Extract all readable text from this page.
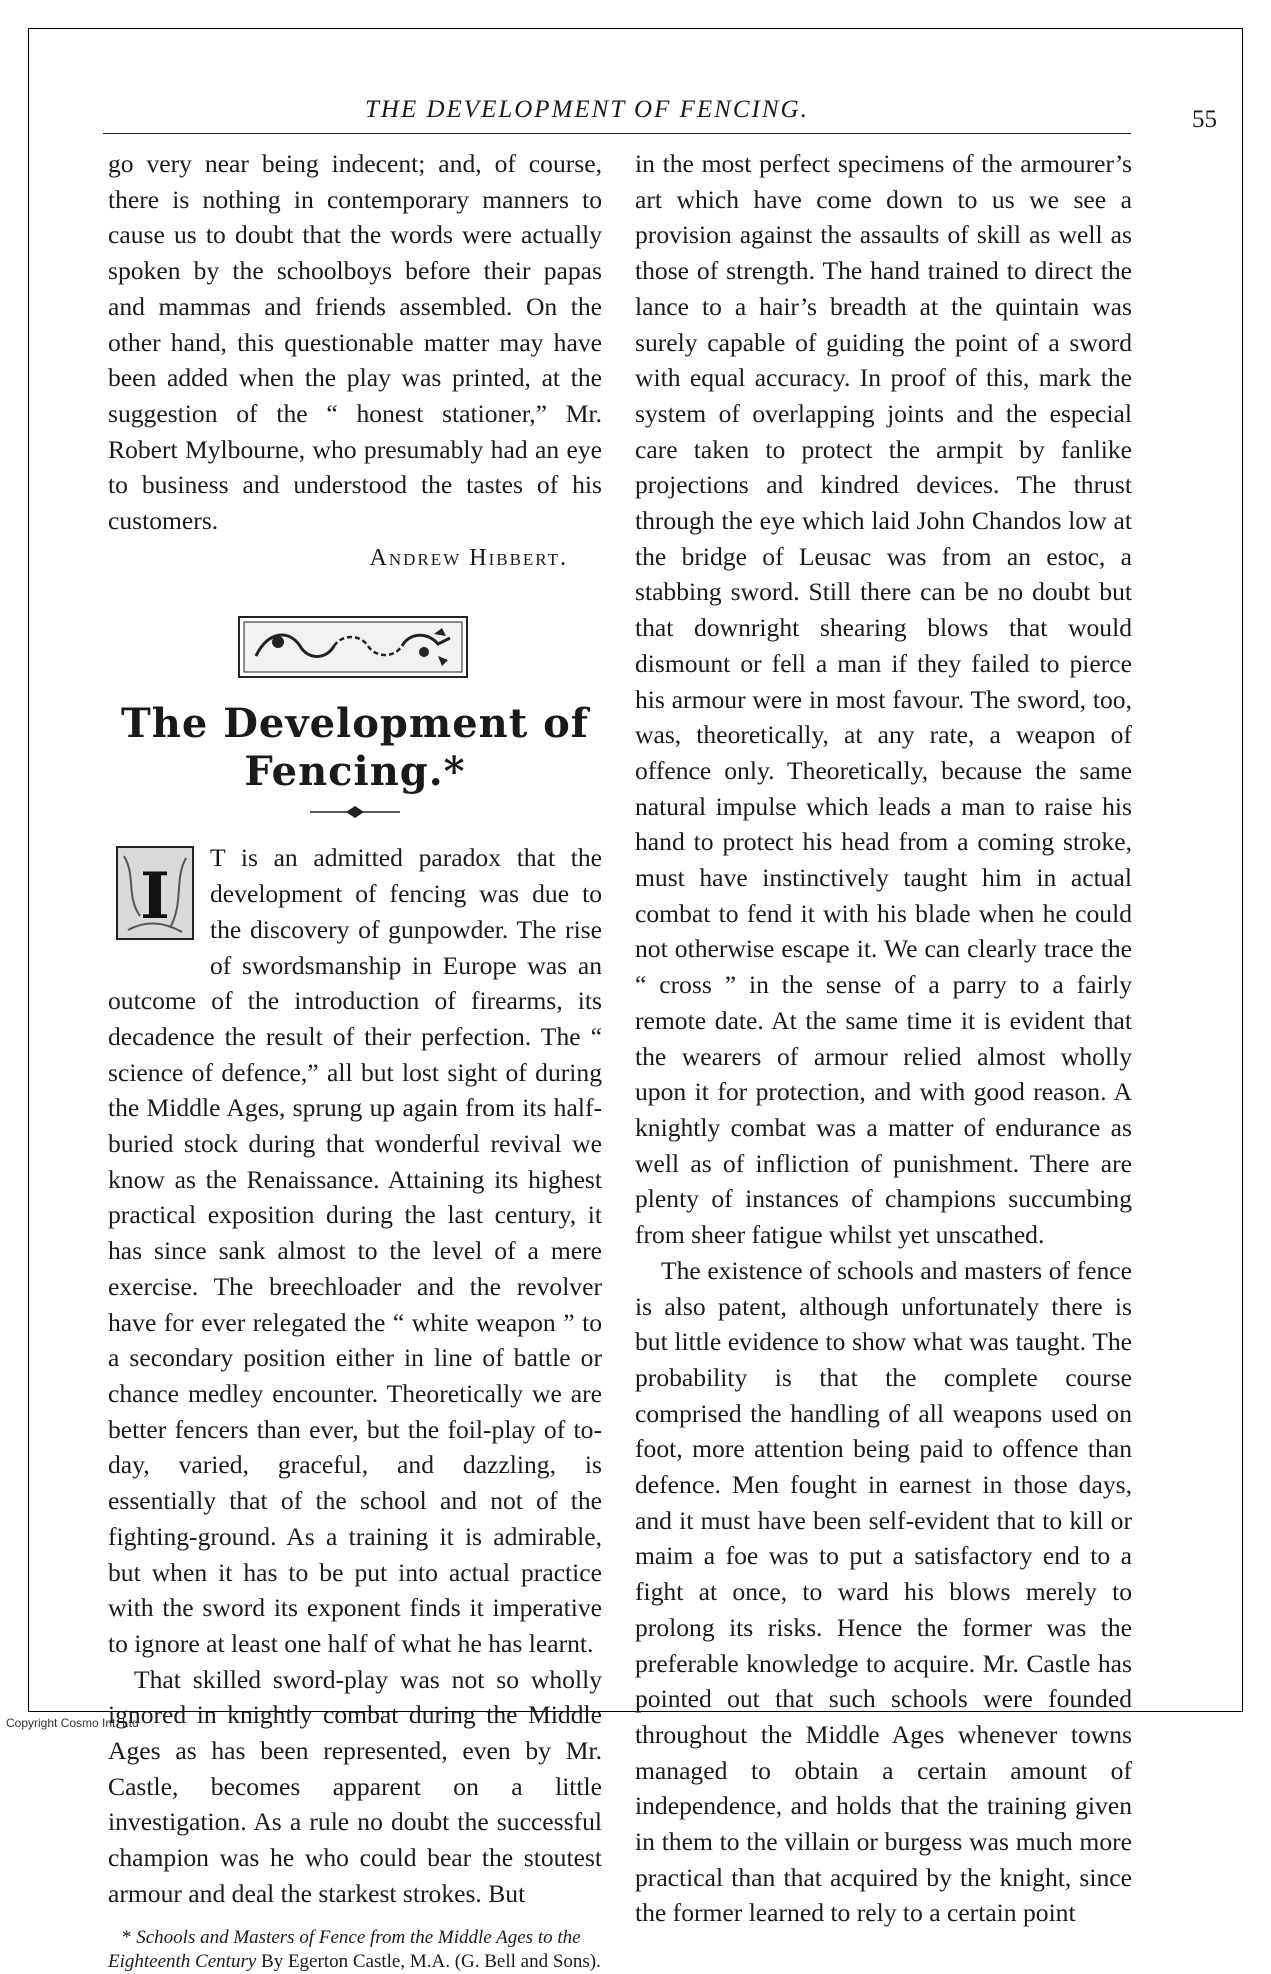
THE DEVELOPMENT OF FENCING.	55

go very near being indecent; and, of course, there is nothing in contemporary manners to cause us to doubt that the words were actually spoken by the schoolboys before their papas and mammas and friends assembled. On the other hand, this questionable matter may have been added when the play was printed, at the suggestion of the “ honest stationer,” Mr. Robert Mylbourne, who presumably had an eye to business and understood the tastes of his customers.

Andrew Hibbert.

The Development of Fencing.*

I
T is an admitted paradox that the development of fencing was due to the discovery of gunpowder. The rise of swordsmanship in Europe was an outcome of the introduction of firearms, its decadence the result of their perfection. The “ science of defence,” all but lost sight of during the Middle Ages, sprung up again from its half-buried stock during that wonderful revival we know as the Renaissance. Attaining its highest practical exposition during the last century, it has since sank almost to the level of a mere exercise. The breechloader and the revolver have for ever relegated the “ white weapon ” to a secondary position either in line of battle or chance medley encounter. Theoretically we are better fencers than ever, but the foil-play of to-day, varied, graceful, and dazzling, is essentially that of the school and not of the fighting-ground. As a training it is admirable, but when it has to be put into actual practice with the sword its exponent finds it imperative to ignore at least one half of what he has learnt.

That skilled sword-play was not so wholly ignored in knightly combat during the Middle Ages as has been represented, even by Mr. Castle, becomes apparent on a little investigation. As a rule no doubt the successful champion was he who could bear the stoutest armour and deal the starkest strokes. But

* Schools and Masters of Fence from the Middle Ages to the Eighteenth Century By Egerton Castle, M.A. (G. Bell and Sons).

in the most perfect specimens of the armourer’s art which have come down to us we see a provision against the assaults of skill as well as those of strength. The hand trained to direct the lance to a hair’s breadth at the quintain was surely capable of guiding the point of a sword with equal accuracy. In proof of this, mark the system of overlapping joints and the especial care taken to protect the armpit by fanlike projections and kindred devices. The thrust through the eye which laid John Chandos low at the bridge of Leusac was from an estoc, a stabbing sword. Still there can be no doubt but that downright shearing blows that would dismount or fell a man if they failed to pierce his armour were in most favour. The sword, too, was, theoretically, at any rate, a weapon of offence only. Theoretically, because the same natural impulse which leads a man to raise his hand to protect his head from a coming stroke, must have instinctively taught him in actual combat to fend it with his blade when he could not otherwise escape it. We can clearly trace the “ cross ” in the sense of a parry to a fairly remote date. At the same time it is evident that the wearers of armour relied almost wholly upon it for protection, and with good reason. A knightly combat was a matter of endurance as well as of infliction of punishment. There are plenty of instances of champions succumbing from sheer fatigue whilst yet unscathed.

The existence of schools and masters of fence is also patent, although unfortunately there is but little evidence to show what was taught. The probability is that the complete course comprised the handling of all weapons used on foot, more attention being paid to offence than defence. Men fought in earnest in those days, and it must have been self-evident that to kill or maim a foe was to put a satisfactory end to a fight at once, to ward his blows merely to prolong its risks. Hence the former was the preferable knowledge to acquire. Mr. Castle has pointed out that such schools were founded throughout the Middle Ages whenever towns managed to obtain a certain amount of independence, and holds that the training given in them to the villain or burgess was much more practical than that acquired by the knight, since the former learned to rely to a certain point

Copyright Cosmo Int. Ltd
